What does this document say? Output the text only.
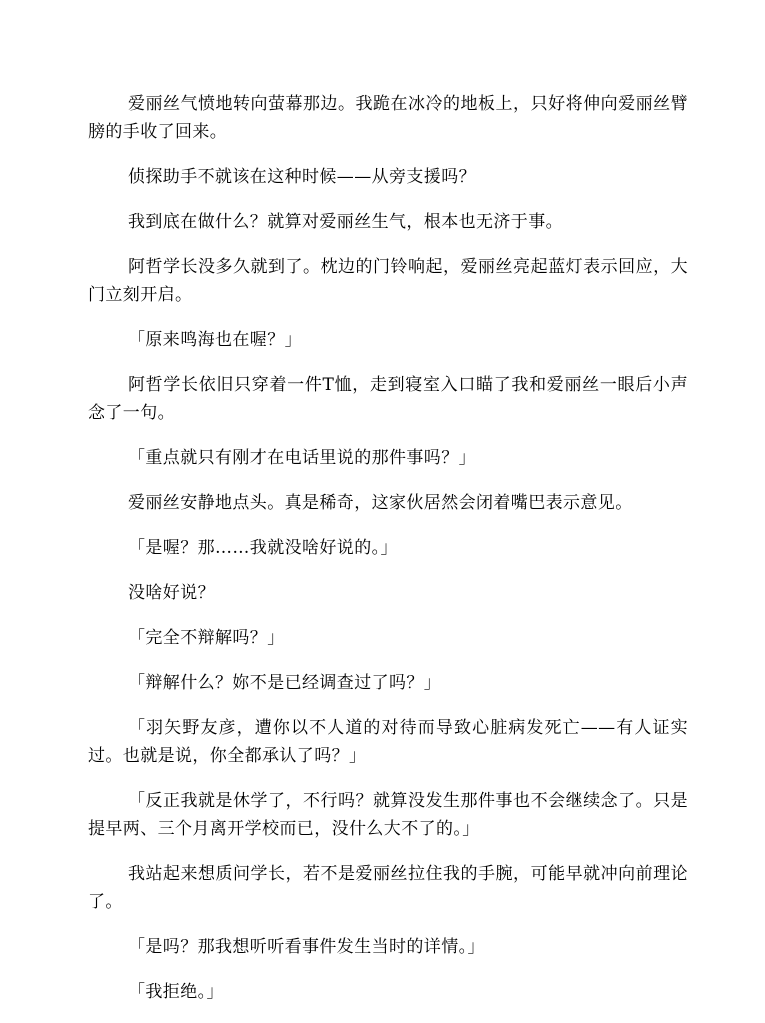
爱丽丝气愤地转向萤幕那边。我跪在冰冷的地板上，只好将伸向爱丽丝臂膀的手收了回来。

侦探助手不就该在这种时候——从旁支援吗？

我到底在做什么？就算对爱丽丝生气，根本也无济于事。

阿哲学长没多久就到了。枕边的门铃响起，爱丽丝亮起蓝灯表示回应，大门立刻开启。

「原来鸣海也在喔？」

阿哲学长依旧只穿着一件T恤，走到寝室入口瞄了我和爱丽丝一眼后小声念了一句。

「重点就只有刚才在电话里说的那件事吗？」

爱丽丝安静地点头。真是稀奇，这家伙居然会闭着嘴巴表示意见。

「是喔？那……我就没啥好说的。」

没啥好说？

「完全不辩解吗？」

「辩解什么？妳不是已经调查过了吗？」

「羽矢野友彦，遭你以不人道的对待而导致心脏病发死亡——有人证实过。也就是说，你全都承认了吗？」

「反正我就是休学了，不行吗？就算没发生那件事也不会继续念了。只是提早两、三个月离开学校而已，没什么大不了的。」

我站起来想质问学长，若不是爱丽丝拉住我的手腕，可能早就冲向前理论了。

「是吗？那我想听听看事件发生当时的详情。」

「我拒绝。」
